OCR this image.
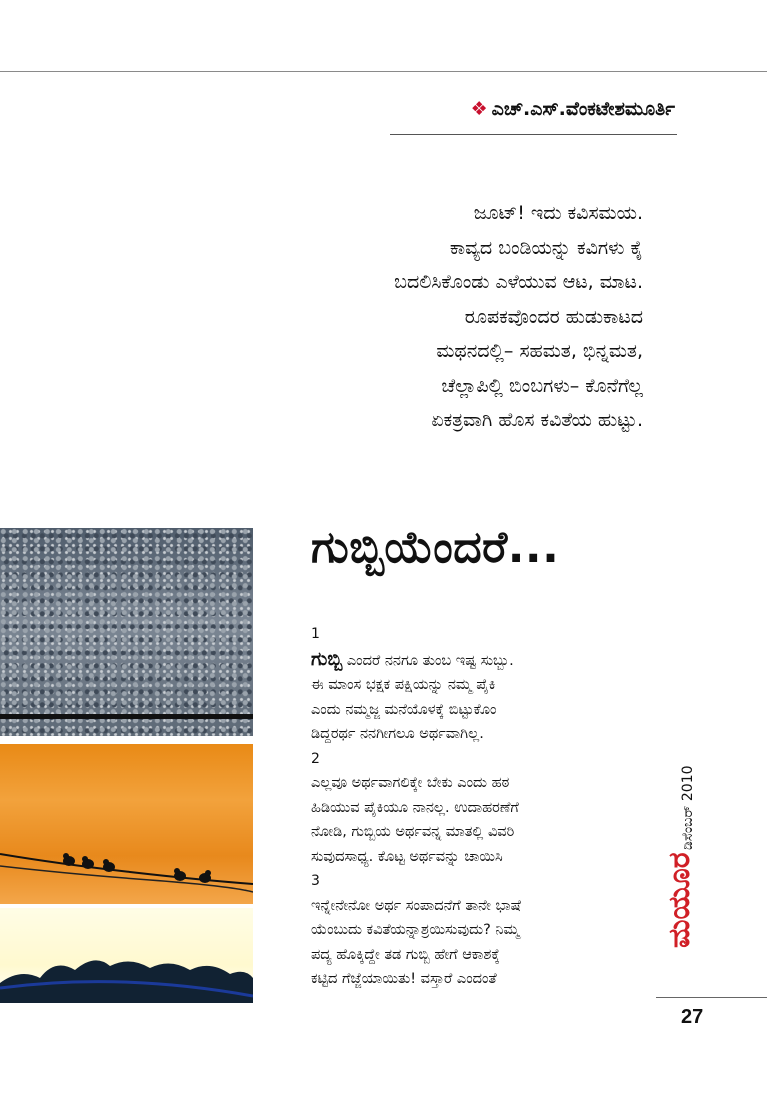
❖ ಎಚ್.ಎಸ್.ವೆಂಕಟೇಶಮೂರ್ತಿ
ಜೂಟ್! ಇದು ಕವಿಸಮಯ.
ಕಾವ್ಯದ ಬಂಡಿಯನ್ನು ಕವಿಗಳು ಕೈ
ಬದಲಿಸಿಕೊಂಡು ಎಳೆಯುವ ಆಟ, ಮಾಟ.
ರೂಪಕವೊಂದರ ಹುಡುಕಾಟದ
ಮಥನದಲ್ಲಿ– ಸಹಮತ, ಭಿನ್ನಮತ,
ಚೆಲ್ಲಾಪಿಲ್ಲಿ ಬಿಂಬಗಳು– ಕೊನೆಗೆಲ್ಲ
ಏಕತ್ರವಾಗಿ ಹೊಸ ಕವಿತೆಯ ಹುಟ್ಟು.
ಗುಬ್ಬಿಯೆಂದರೆ...
1
ಗುಬ್ಬಿ ಎಂದರೆ ನನಗೂ ತುಂಬ ಇಷ್ಟ ಸುಬ್ಬು.
ಈ ಮಾಂಸ ಭಕ್ಷಕ ಪಕ್ಷಿಯನ್ನು ನಮ್ಮ ಪೈಕಿ
ಎಂದು ನಮ್ಮಜ್ಜ ಮನೆಯೊಳಕ್ಕೆ ಬಿಟ್ಟುಕೊಂ
ಡಿದ್ದರರ್ಥ ನನಗೀಗಲೂ ಅರ್ಥವಾಗಿಲ್ಲ.
2
ಎಲ್ಲವೂ ಅರ್ಥವಾಗಲಿಕ್ಕೇ ಬೇಕು ಎಂದು ಹಠ
ಹಿಡಿಯುವ ಪೈಕಿಯೂ ನಾನಲ್ಲ. ಉದಾಹರಣೆಗೆ
ನೋಡಿ, ಗುಬ್ಬಿಯ ಅರ್ಥವನ್ನ ಮಾತಲ್ಲಿ ವಿವರಿ
ಸುವುದಸಾಧ್ಯ. ಕೊಟ್ಟ ಅರ್ಥವನ್ನು ಚಾಯಿಸಿ
3
ಇನ್ನೇನೇನೋ ಅರ್ಥ ಸಂಪಾದನೆಗೆ ತಾನೇ ಭಾಷೆ
ಯೆಂಬುದು ಕವಿತೆಯನ್ನಾಶ್ರಯಿಸುವುದು? ನಿಮ್ಮ
ಪದ್ಯ ಹೊಕ್ಕಿದ್ದೇ ತಡ ಗುಬ್ಬಿ ಹೇಗೆ ಆಕಾಶಕ್ಕೆ
ಕಟ್ಟಿದ ಗೆಜ್ಜೆಯಾಯಿತು! ವಸ್ತಾರೆ ಎಂದಂತೆ
ಡಿಸೆಂಬರ್ 2010
ಮಯೂರ
27
